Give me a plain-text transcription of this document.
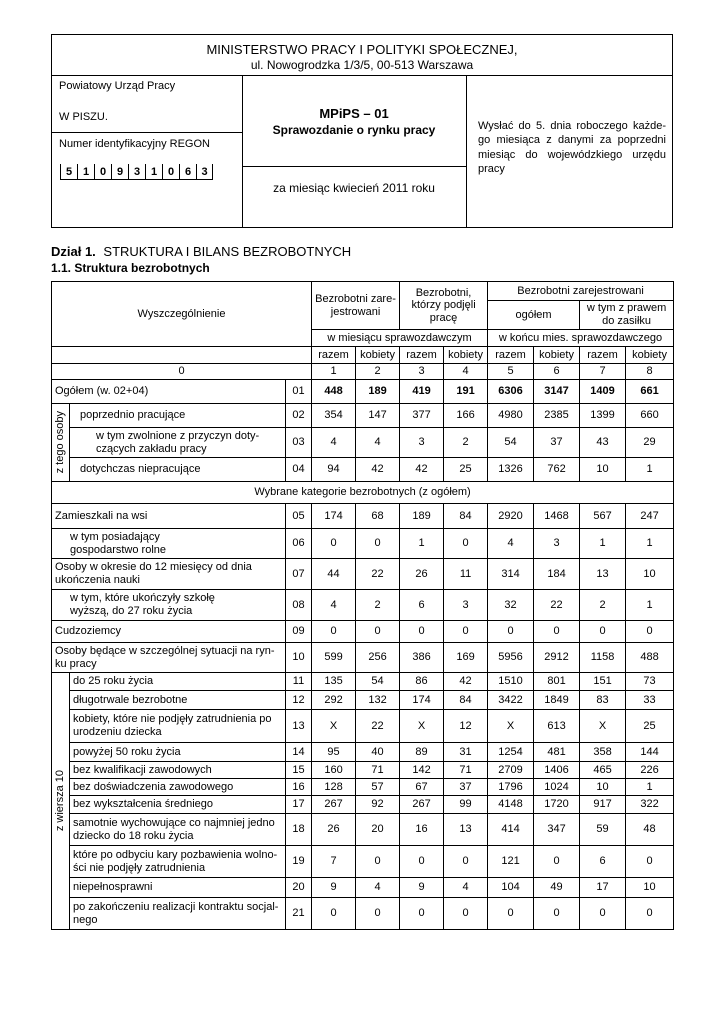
MINISTERSTWO PRACY I POLITYKI SPOŁECZNEJ,
ul. Nowogrodzka 1/3/5, 00-513 Warszawa
Powiatowy Urząd Pracy
W PISZU.
Numer identyfikacyjny REGON
5 1 0 9 3 1 0 6 3
MPiPS – 01
Sprawozdanie o rynku pracy
za miesiąc kwiecień 2011 roku
Wysłać do 5. dnia roboczego każde-go miesiąca z danymi za poprzedni miesiąc do wojewódzkiego urzędu pracy
Dział 1. STRUKTURA I BILANS BEZROBOTNYCH
1.1. Struktura bezrobotnych
Wyszczególnienie			Bezrobotni zare-jestrowani		Bezrobotni, którzy podjęli pracę		Bezrobotni zarejestrowani			
							ogółem		w tym z prawem do zasiłku	
			w miesiącu sprawozdawczym				w końcu mies. sprawozdawczego			
			razem	kobiety	razem	kobiety	razem	kobiety	razem	kobiety
0			1	2	3	4	5	6	7	8
Ogółem (w. 02+04)		01	448	189	419	191	6306	3147	1409	661

z tego osoby	poprzednio pracujące	02	354	147	377	166	4980	2385	1399	660
	w tym zwolnione z przyczyn doty-czących zakładu pracy	03	4	4	3	2	54	37	43	29
	dotychczas niepracujące	04	94	42	42	25	1326	762	10	1
Wybrane kategorie bezrobotnych (z ogółem)										
Zamieszkali na wsi		05	174	68	189	84	2920	1468	567	247
w tym posiadający gospodarstwo rolne		06	0	0	1	0	4	3	1	1
Osoby w okresie do 12 miesięcy od dnia ukończenia nauki		07	44	22	26	11	314	184	13	10
w tym, które ukończyły szkołę wyższą, do 27 roku życia		08	4	2	6	3	32	22	2	1
Cudzoziemcy		09	0	0	0	0	0	0	0	0
Osoby będące w szczególnej sytuacji na ryn-ku pracy		10	599	256	386	169	5956	2912	1158	488

z wiersza 10	do 25 roku życia	11	135	54	86	42	1510	801	151	73
	długotrwale bezrobotne	12	292	132	174	84	3422	1849	83	33
	kobiety, które nie podjęły zatrudnienia po urodzeniu dziecka	13	X	22	X	12	X	613	X	25
	powyżej 50 roku życia	14	95	40	89	31	1254	481	358	144
	bez kwalifikacji zawodowych	15	160	71	142	71	2709	1406	465	226
	bez doświadczenia zawodowego	16	128	57	67	37	1796	1024	10	1
	bez wykształcenia średniego	17	267	92	267	99	4148	1720	917	322
	samotnie wychowujące co najmniej jedno dziecko do 18 roku życia	18	26	20	16	13	414	347	59	48
	które po odbyciu kary pozbawienia wolno-ści nie podjęły zatrudnienia	19	7	0	0	0	121	0	6	0
	niepełnosprawni	20	9	4	9	4	104	49	17	10
	po zakończeniu realizacji kontraktu socjal-nego	21	0	0	0	0	0	0	0	0
